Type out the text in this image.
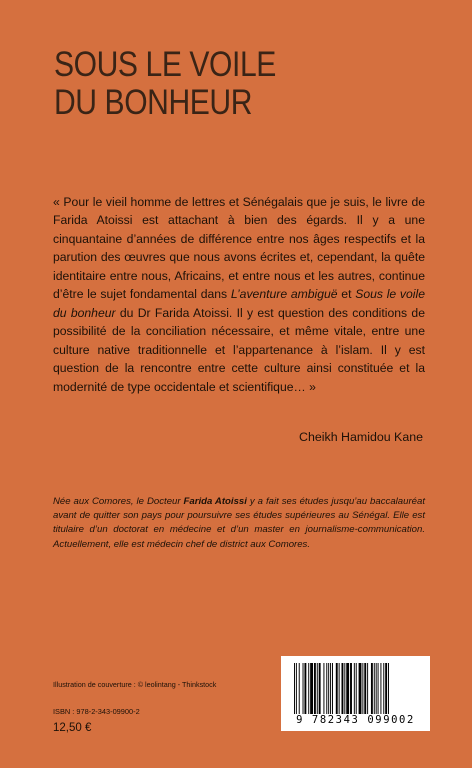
SOUS LE VOILE
DU BONHEUR
« Pour le vieil homme de lettres et Sénégalais que je suis, le livre de Farida Atoissi est attachant à bien des égards. Il y a une cinquantaine d’années de différence entre nos âges respectifs et la parution des œuvres que nous avons écrites et, cependant, la quête identitaire entre nous, Africains, et entre nous et les autres, continue d’être le sujet fondamental dans L’aventure ambiguë et Sous le voile du bonheur du Dr Farida Atoissi. Il y est question des conditions de possibilité de la conciliation nécessaire, et même vitale, entre une culture native traditionnelle et l’appartenance à l’islam. Il y est question de la rencontre entre cette culture ainsi constituée et la modernité de type occidentale et scientifique… »
Cheikh Hamidou Kane
Née aux Comores, le Docteur Farida Atoissi y a fait ses études jusqu’au baccalauréat avant de quitter son pays pour poursuivre ses études supérieures au Sénégal. Elle est titulaire d’un doctorat en médecine et d’un master en journalisme-communication. Actuellement, elle est médecin chef de district aux Comores.
Illustration de couverture : © leolintang - Thinkstock
ISBN : 978-2-343-09900-2
12,50 €
9 782343 099002
